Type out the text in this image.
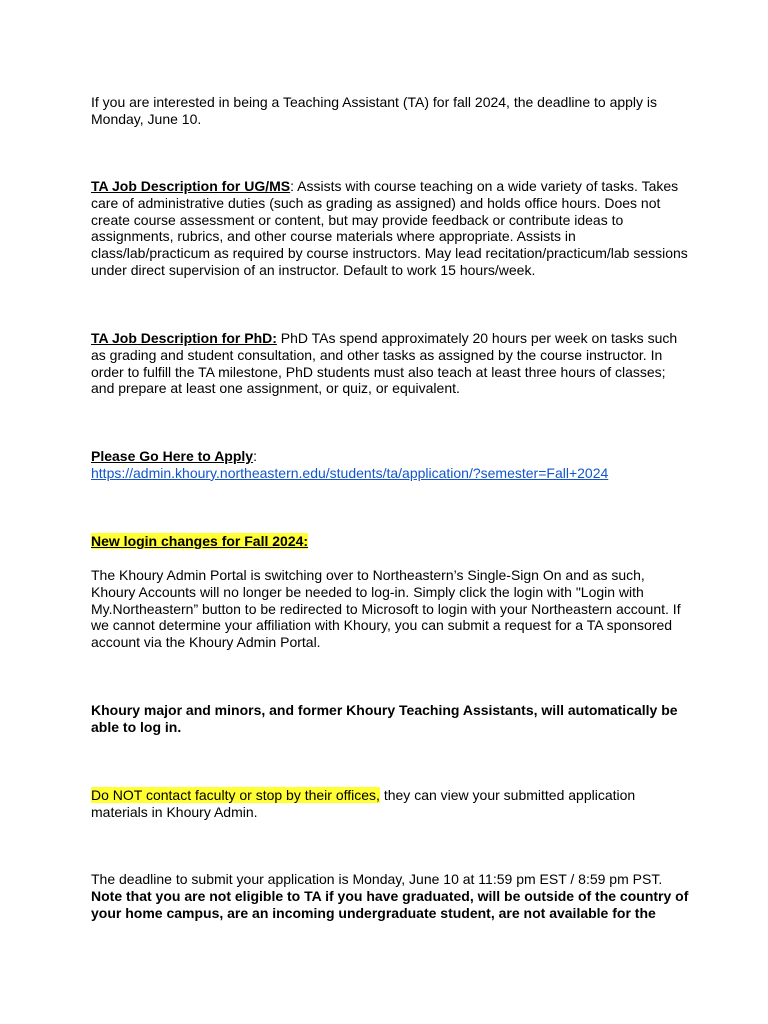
If you are interested in being a Teaching Assistant (TA) for fall 2024, the deadline to apply is Monday, June 10.

TA Job Description for UG/MS: Assists with course teaching on a wide variety of tasks. Takes care of administrative duties (such as grading as assigned) and holds office hours. Does not create course assessment or content, but may provide feedback or contribute ideas to assignments, rubrics, and other course materials where appropriate. Assists in class/lab/practicum as required by course instructors. May lead recitation/practicum/lab sessions under direct supervision of an instructor. Default to work 15 hours/week.

TA Job Description for PhD: PhD TAs spend approximately 20 hours per week on tasks such as grading and student consultation, and other tasks as assigned by the course instructor. In order to fulfill the TA milestone, PhD students must also teach at least three hours of classes; and prepare at least one assignment, or quiz, or equivalent.

Please Go Here to Apply:
https://admin.khoury.northeastern.edu/students/ta/application/?semester=Fall+2024

New login changes for Fall 2024:

The Khoury Admin Portal is switching over to Northeastern’s Single-Sign On and as such, Khoury Accounts will no longer be needed to log-in. Simply click the login with "Login with My.Northeastern” button to be redirected to Microsoft to login with your Northeastern account. If we cannot determine your affiliation with Khoury, you can submit a request for a TA sponsored account via the Khoury Admin Portal.

Khoury major and minors, and former Khoury Teaching Assistants, will automatically be able to log in.

Do NOT contact faculty or stop by their offices, they can view your submitted application materials in Khoury Admin.

The deadline to submit your application is Monday, June 10 at 11:59 pm EST / 8:59 pm PST.
Note that you are not eligible to TA if you have graduated, will be outside of the country of your home campus, are an incoming undergraduate student, are not available for the
